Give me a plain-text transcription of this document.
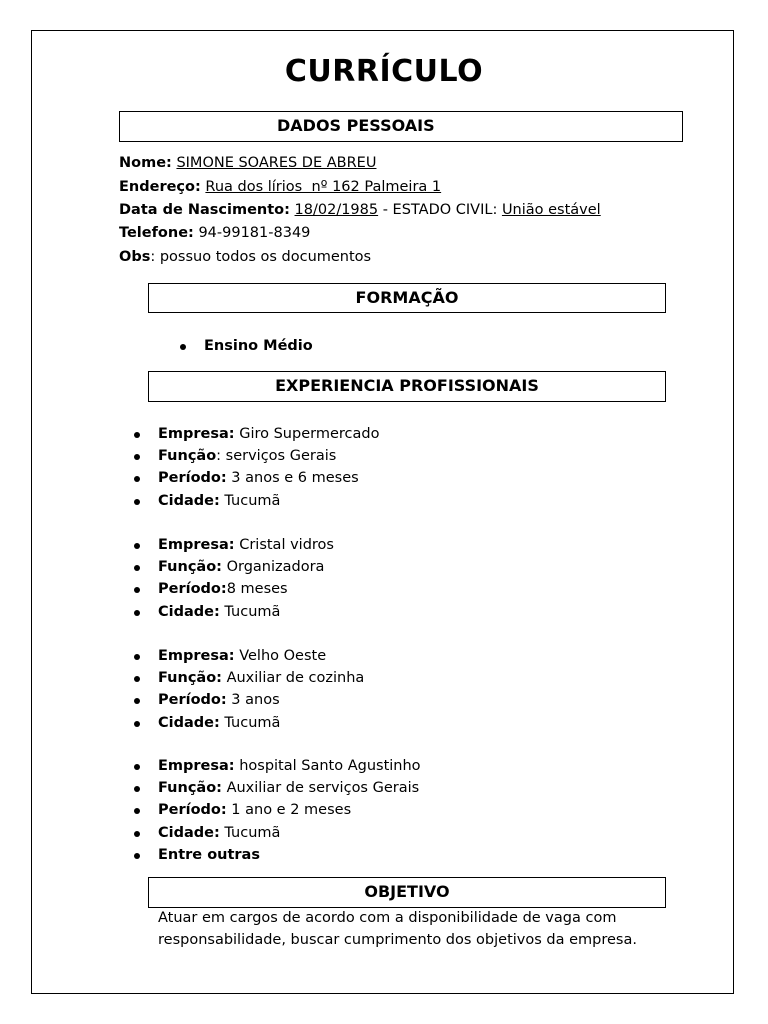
CURRÍCULO
DADOS PESSOAIS
Nome: SIMONE SOARES DE ABREU
Endereço: Rua dos lírios  nº 162 Palmeira 1
Data de Nascimento: 18/02/1985 - ESTADO CIVIL: União estável
Telefone: 94-99181-8349
Obs: possuo todos os documentos
FORMAÇÃO
Ensino Médio
EXPERIENCIA PROFISSIONAIS
Empresa: Giro Supermercado
Função: serviços Gerais
Período: 3 anos e 6 meses
Cidade: Tucumã
Empresa: Cristal vidros
Função: Organizadora
Período:8 meses
Cidade: Tucumã
Empresa: Velho Oeste
Função: Auxiliar de cozinha
Período: 3 anos
Cidade: Tucumã
Empresa: hospital Santo Agustinho
Função: Auxiliar de serviços Gerais
Período: 1 ano e 2 meses
Cidade: Tucumã
Entre outras
OBJETIVO
Atuar em cargos de acordo com a disponibilidade de vaga com responsabilidade, buscar cumprimento dos objetivos da empresa.
